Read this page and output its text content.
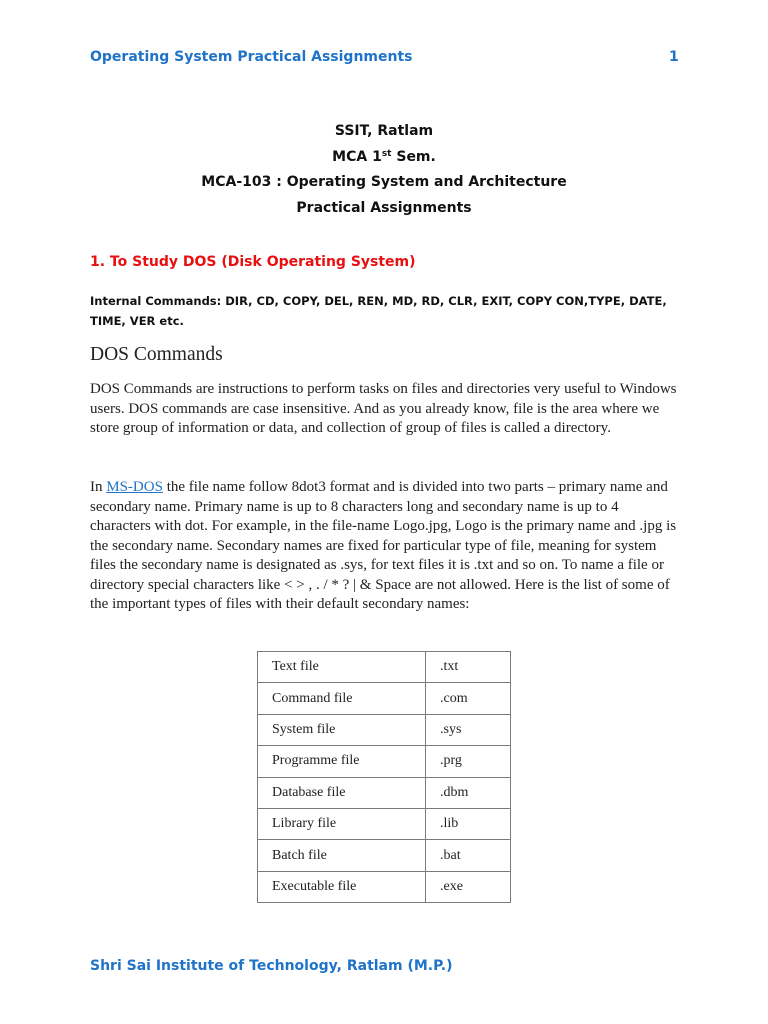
Operating System Practical Assignments	1
SSIT, Ratlam
MCA 1st Sem.
MCA-103 : Operating System and Architecture
Practical Assignments
1. To Study DOS (Disk Operating System)
Internal Commands: DIR, CD, COPY, DEL, REN, MD, RD, CLR, EXIT, COPY CON,TYPE, DATE, TIME, VER etc.
DOS Commands

DOS Commands are instructions to perform tasks on files and directories very useful to Windows users. DOS commands are case insensitive. And as you already know, file is the area where we store group of information or data, and collection of group of files is called a directory.

In MS-DOS the file name follow 8dot3 format and is divided into two parts – primary name and secondary name. Primary name is up to 8 characters long and secondary name is up to 4 characters with dot. For example, in the file-name Logo.jpg, Logo is the primary name and .jpg is the secondary name. Secondary names are fixed for particular type of file, meaning for system files the secondary name is designated as .sys, for text files it is .txt and so on. To name a file or directory special characters like < > , . / * ? | & Space are not allowed. Here is the list of some of the important types of files with their default secondary names:

Text file	.txt
Command file	.com
System file	.sys
Programme file	.prg
Database file	.dbm
Library file	.lib
Batch file	.bat
Executable file	.exe
Shri Sai Institute of Technology, Ratlam (M.P.)
